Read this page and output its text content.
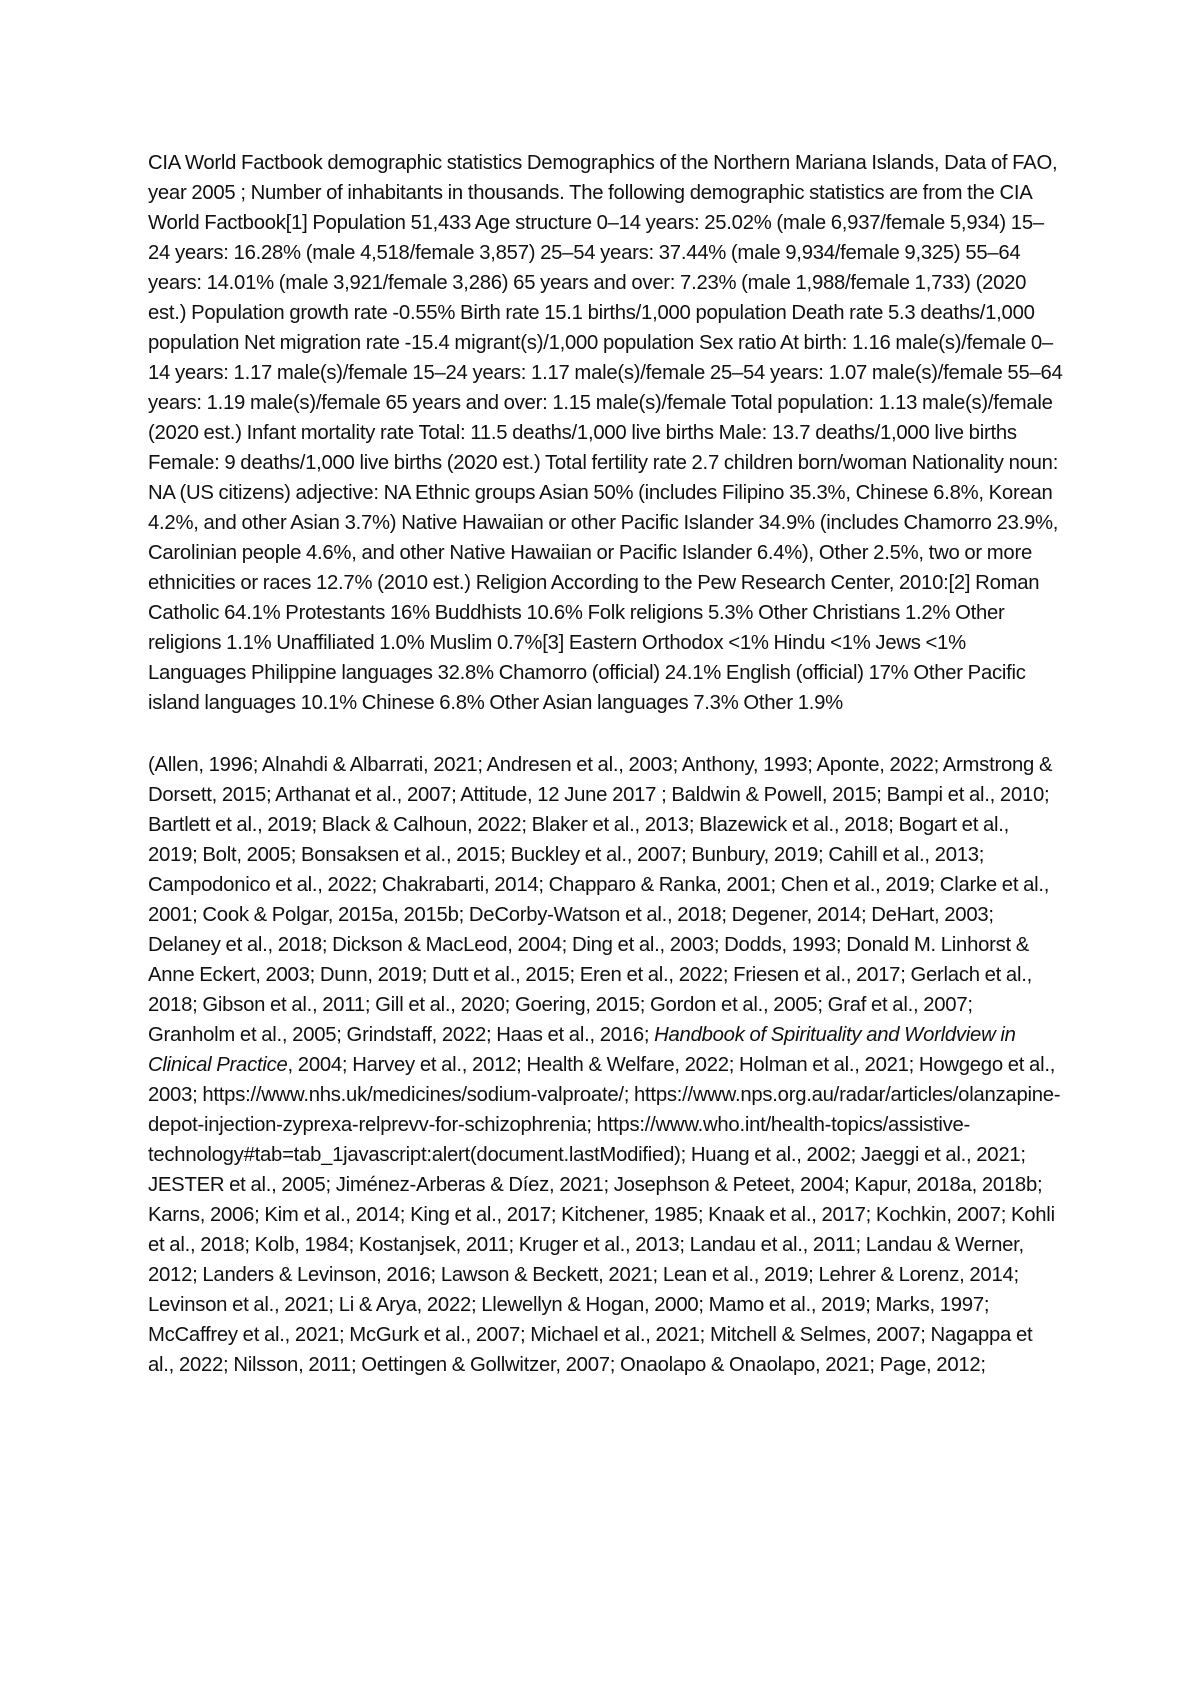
CIA World Factbook demographic statistics Demographics of the Northern Mariana Islands, Data of FAO, year 2005 ; Number of inhabitants in thousands. The following demographic statistics are from the CIA World Factbook[1] Population 51,433 Age structure 0–14 years: 25.02% (male 6,937/female 5,934) 15–24 years: 16.28% (male 4,518/female 3,857) 25–54 years: 37.44% (male 9,934/female 9,325) 55–64 years: 14.01% (male 3,921/female 3,286) 65 years and over: 7.23% (male 1,988/female 1,733) (2020 est.) Population growth rate -0.55% Birth rate 15.1 births/1,000 population Death rate 5.3 deaths/1,000 population Net migration rate -15.4 migrant(s)/1,000 population Sex ratio At birth: 1.16 male(s)/female 0–14 years: 1.17 male(s)/female 15–24 years: 1.17 male(s)/female 25–54 years: 1.07 male(s)/female 55–64 years: 1.19 male(s)/female 65 years and over: 1.15 male(s)/female Total population: 1.13 male(s)/female (2020 est.) Infant mortality rate Total: 11.5 deaths/1,000 live births Male: 13.7 deaths/1,000 live births Female: 9 deaths/1,000 live births (2020 est.) Total fertility rate 2.7 children born/woman Nationality noun: NA (US citizens) adjective: NA Ethnic groups Asian 50% (includes Filipino 35.3%, Chinese 6.8%, Korean 4.2%, and other Asian 3.7%) Native Hawaiian or other Pacific Islander 34.9% (includes Chamorro 23.9%, Carolinian people 4.6%, and other Native Hawaiian or Pacific Islander 6.4%), Other 2.5%, two or more ethnicities or races 12.7% (2010 est.) Religion According to the Pew Research Center, 2010:[2] Roman Catholic 64.1% Protestants 16% Buddhists 10.6% Folk religions 5.3% Other Christians 1.2% Other religions 1.1% Unaffiliated 1.0% Muslim 0.7%[3] Eastern Orthodox <1% Hindu <1% Jews <1% Languages Philippine languages 32.8% Chamorro (official) 24.1% English (official) 17% Other Pacific island languages 10.1% Chinese 6.8% Other Asian languages 7.3% Other 1.9%

(Allen, 1996; Alnahdi & Albarrati, 2021; Andresen et al., 2003; Anthony, 1993; Aponte, 2022; Armstrong & Dorsett, 2015; Arthanat et al., 2007; Attitude, 12 June 2017 ; Baldwin & Powell, 2015; Bampi et al., 2010; Bartlett et al., 2019; Black & Calhoun, 2022; Blaker et al., 2013; Blazewick et al., 2018; Bogart et al., 2019; Bolt, 2005; Bonsaksen et al., 2015; Buckley et al., 2007; Bunbury, 2019; Cahill et al., 2013; Campodonico et al., 2022; Chakrabarti, 2014; Chapparo & Ranka, 2001; Chen et al., 2019; Clarke et al., 2001; Cook & Polgar, 2015a, 2015b; DeCorby-Watson et al., 2018; Degener, 2014; DeHart, 2003; Delaney et al., 2018; Dickson & MacLeod, 2004; Ding et al., 2003; Dodds, 1993; Donald M. Linhorst & Anne Eckert, 2003; Dunn, 2019; Dutt et al., 2015; Eren et al., 2022; Friesen et al., 2017; Gerlach et al., 2018; Gibson et al., 2011; Gill et al., 2020; Goering, 2015; Gordon et al., 2005; Graf et al., 2007; Granholm et al., 2005; Grindstaff, 2022; Haas et al., 2016; Handbook of Spirituality and Worldview in Clinical Practice, 2004; Harvey et al., 2012; Health & Welfare, 2022; Holman et al., 2021; Howgego et al., 2003; https://www.nhs.uk/medicines/sodium-valproate/; https://www.nps.org.au/radar/articles/olanzapine-depot-injection-zyprexa-relprevv-for-schizophrenia; https://www.who.int/health-topics/assistive-technology#tab=tab_1javascript:alert(document.lastModified); Huang et al., 2002; Jaeggi et al., 2021; JESTER et al., 2005; Jiménez-Arberas & Díez, 2021; Josephson & Peteet, 2004; Kapur, 2018a, 2018b; Karns, 2006; Kim et al., 2014; King et al., 2017; Kitchener, 1985; Knaak et al., 2017; Kochkin, 2007; Kohli et al., 2018; Kolb, 1984; Kostanjsek, 2011; Kruger et al., 2013; Landau et al., 2011; Landau & Werner, 2012; Landers & Levinson, 2016; Lawson & Beckett, 2021; Lean et al., 2019; Lehrer & Lorenz, 2014; Levinson et al., 2021; Li & Arya, 2022; Llewellyn & Hogan, 2000; Mamo et al., 2019; Marks, 1997; McCaffrey et al., 2021; McGurk et al., 2007; Michael et al., 2021; Mitchell & Selmes, 2007; Nagappa et al., 2022; Nilsson, 2011; Oettingen & Gollwitzer, 2007; Onaolapo & Onaolapo, 2021; Page, 2012;
